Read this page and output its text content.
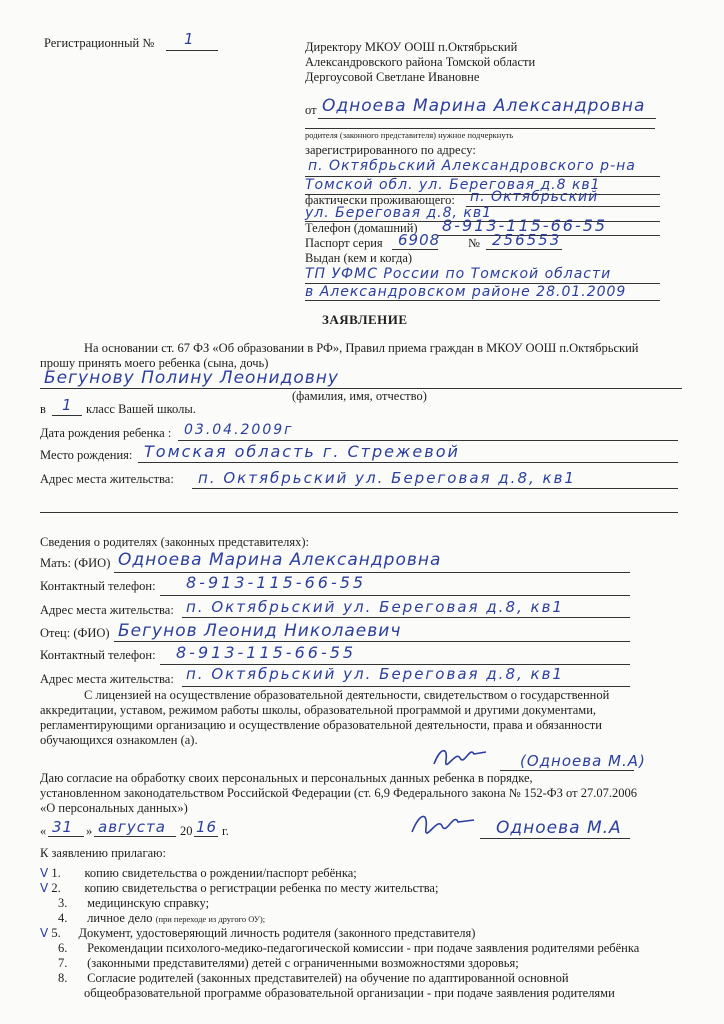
Регистрационный № 1	Директору МКОУ ООШ п.Октябрьский
Александровского района Томской области
Дергоусовой Светлане Ивановне
от Одноева Марина Александровна
родителя (законного представителя) нужное подчеркнуть
зарегистрированного по адресу:
п. Октябрьский Александровского р-на
Томской обл. ул. Береговая д.8 кв1
фактически проживающего: п. Октябрьский
ул. Береговая д.8, кв1
Телефон (домашний) 8-913-115-66-55
Паспорт серия 6908 № 256553
Выдан (кем и когда)
ТП УФМС России по Томской области
в Александровском районе 28.01.2009
ЗАЯВЛЕНИЕ
На основании ст. 67 ФЗ «Об образовании в РФ», Правил приема граждан в МКОУ ООШ п.Октябрьский
прошу принять моего ребенка (сына, дочь)
Бегунову Полину Леонидовну
(фамилия, имя, отчество)
в 1 класс Вашей школы.
Дата рождения ребенка : 03.04.2009г
Место рождения: Томская область г. Стрежевой
Адрес места жительства: п. Октябрьский ул. Береговая д.8, кв1
Сведения о родителях (законных представителях):
Мать: (ФИО) Одноева Марина Александровна
Контактный телефон: 8-913-115-66-55
Адрес места жительства: п. Октябрьский ул. Береговая д.8, кв1
Отец: (ФИО) Бегунов Леонид Николаевич
Контактный телефон: 8-913-115-66-55
Адрес места жительства: п. Октябрьский ул. Береговая д.8, кв1
С лицензией на осуществление образовательной деятельности, свидетельством о государственной
аккредитации, уставом, режимом работы школы, образовательной программой и другими документами,
регламентирующими организацию и осуществление образовательной деятельности, права и обязанности
обучающихся ознакомлен (а).
(Одноева М.А)
Даю согласие на обработку своих персональных и персональных данных ребенка в порядке,
установленном законодательством Российской Федерации (ст. 6,9 Федерального закона № 152-ФЗ от 27.07.2006
«О персональных данных»)
« 31 » августа 20 16 г.	Одноева М.А
К заявлению прилагаю:
V 1. копию свидетельства о рождении/паспорт ребёнка;
V 2. копию свидетельства о регистрации ребенка по месту жительства;
3. медицинскую справку;
4. личное дело (при переходе из другого ОУ);
V 5. Документ, удостоверяющий личность родителя (законного представителя)
6. Рекомендации психолого-медико-педагогической комиссии - при подаче заявления родителями ребёнка
7. (законными представителями) детей с ограниченными возможностями здоровья;
8. Согласие родителей (законных представителей) на обучение по адаптированной основной
общеобразовательной программе образовательной организации - при подаче заявления родителями
